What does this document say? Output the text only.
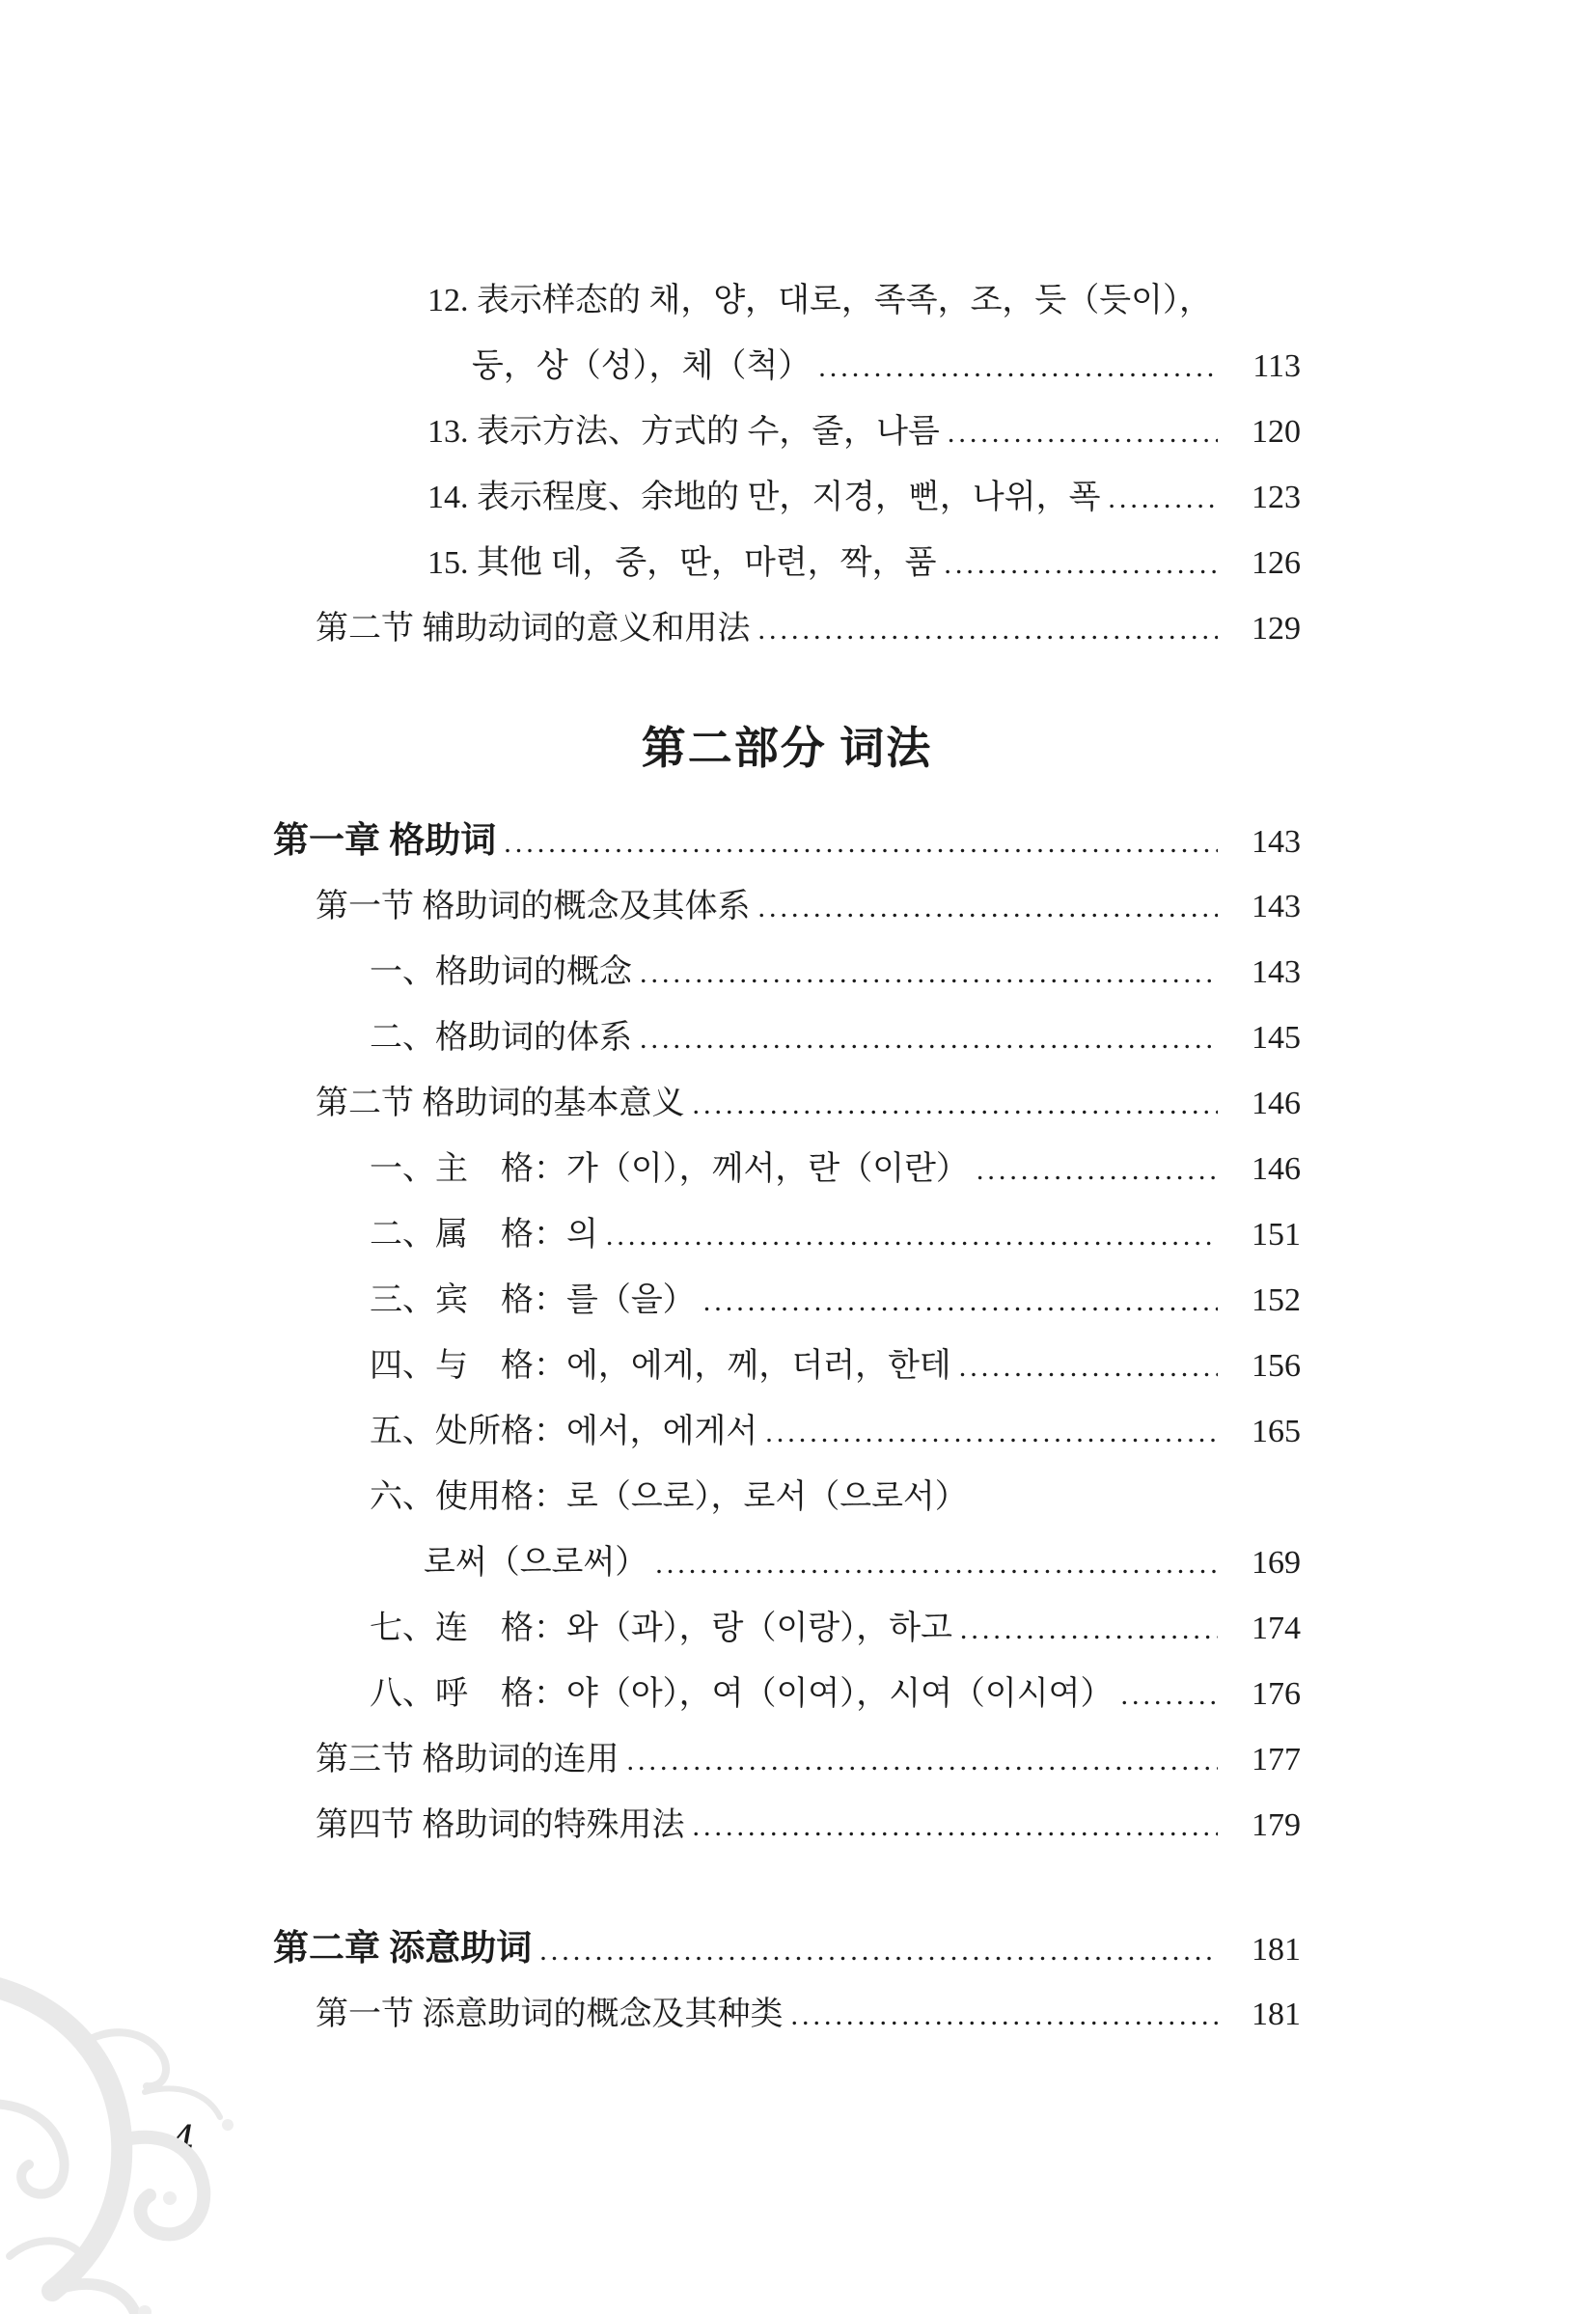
12. 表示样态的 채，양，대로，족족，조，듯（듯이），
둥，상（성），체（척） .....	113
13. 表示方法、方式的 수，줄，나름 .....	120
14. 表示程度、余地的 만，지경，뻔，나위，폭 .....	123
15. 其他 데，중，딴，마련，짝，품 .....	126
第二节 辅助动词的意义和用法 .....	129
第二部分 词法
第一章 格助词 .....	143
第一节 格助词的概念及其体系 .....	143
一、格助词的概念 .....	143
二、格助词的体系 .....	145
第二节 格助词的基本意义 .....	146
一、主　格：가（이），께서，란（이란） .....	146
二、属　格：의 .....	151
三、宾　格：를（을） .....	152
四、与　格：에，에게，께，더러，한테 .....	156
五、处所格：에서，에게서 .....	165
六、使用格：로（으로），로서（으로서）
로써（으로써） .....	169
七、连　格：와（과），랑（이랑），하고 .....	174
八、呼　格：야（아），여（이여），시여（이시여） .....	176
第三节 格助词的连用 .....	177
第四节 格助词的特殊用法 .....	179
第二章 添意助词 .....	181
第一节 添意助词的概念及其种类 .....	181
4
